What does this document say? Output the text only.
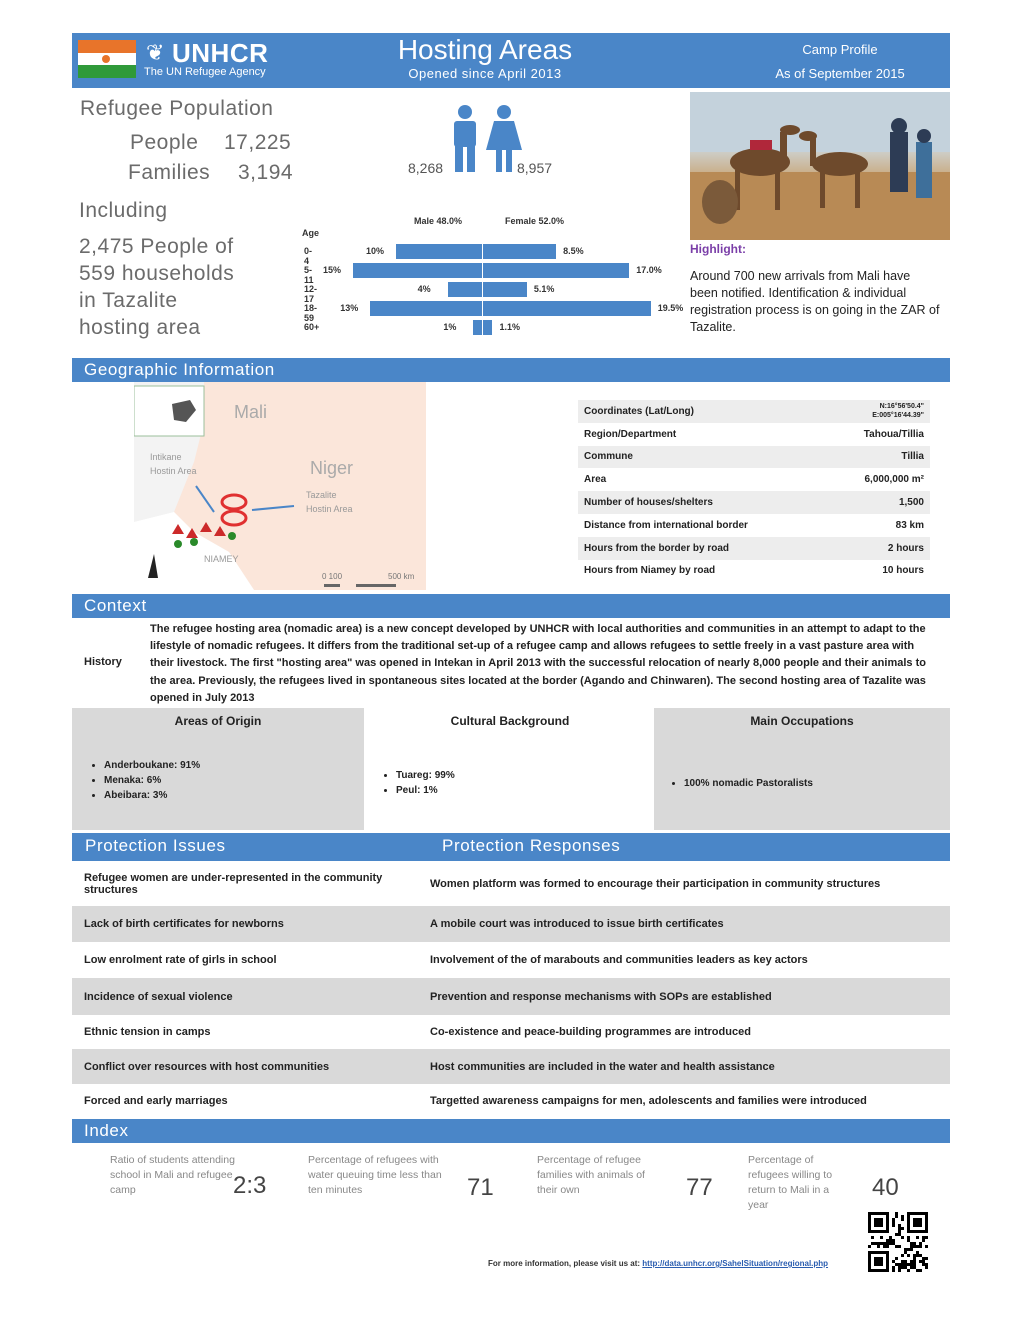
❦ UNHCR
The UN Refugee Agency
Hosting Areas
Opened since April 2013
Camp Profile
As of September 2015
Refugee Population
People 17,225
Families 3,194
Including
2,475 People of
559 households
in Tazalite
hosting area
8,268	8,957
Male 48.0%	Female 52.0%
Age
0-4
10%	8.5%
5-11
15%	17.0%
12-17
4%	5.1%
18-59
13%	19.5%
60+	1%	1.1%
Highlight:
Around 700 new arrivals from Mali have been notified. Identification & individual registration process is on going in the ZAR of Tazalite.
Geographic Information
Mali
Niger
Intikane
Hostin Area
Tazalite
Hostin Area
NIAMEY
0 100	500 km
Coordinates (Lat/Long)	N:16°56'50.4" E:005°16'44.39"
Region/Department	Tahoua/Tillia
Commune	Tillia
Area	6,000,000 m²
Number of houses/shelters	1,500
Distance from international border	83 km
Hours from the border by road	2 hours
Hours from Niamey by road	10 hours
Context
History
The refugee hosting area (nomadic area) is a new concept developed by UNHCR with local authorities and communities in an attempt to adapt to the lifestyle of nomadic refugees. It differs from the traditional set-up of a refugee camp and allows refugees to settle freely in a vast pasture area with their livestock. The first "hosting area" was opened in Intekan in April 2013 with the successful relocation of nearly 8,000 people and their animals to the area. Previously, the refugees lived in spontaneous sites located at the border (Agando and Chinwaren). The second hosting area of Tazalite was opened in July 2013
Areas of Origin
• Anderboukane: 91%
• Menaka: 6%
• Abeibara: 3%
Cultural Background
• Tuareg: 99%
• Peul: 1%
Main Occupations
• 100% nomadic Pastoralists
Protection Issues	Protection Responses
Refugee women are under-represented in the community structures	Women platform was formed to encourage their participation in community structures
Lack of birth certificates for newborns	A mobile court was introduced to issue birth certificates
Low enrolment rate of girls in school	Involvement of the of marabouts and communities leaders as key actors
Incidence of sexual violence	Prevention and response mechanisms with SOPs are established
Ethnic tension in camps	Co-existence and peace-building programmes are introduced
Conflict over resources with host communities	Host communities are included in the water and health assistance
Forced and early marriages	Targetted awareness campaigns for men, adolescents and families were introduced
Index
Ratio of students attending school in Mali and refugee camp	2:3
Percentage of refugees with water queuing time less than ten minutes	71
Percentage of refugee families with animals of their own	77
Percentage of refugees willing to return to Mali in a year
40
For more information, please visit us at: http://data.unhcr.org/SahelSituation/regional.php
